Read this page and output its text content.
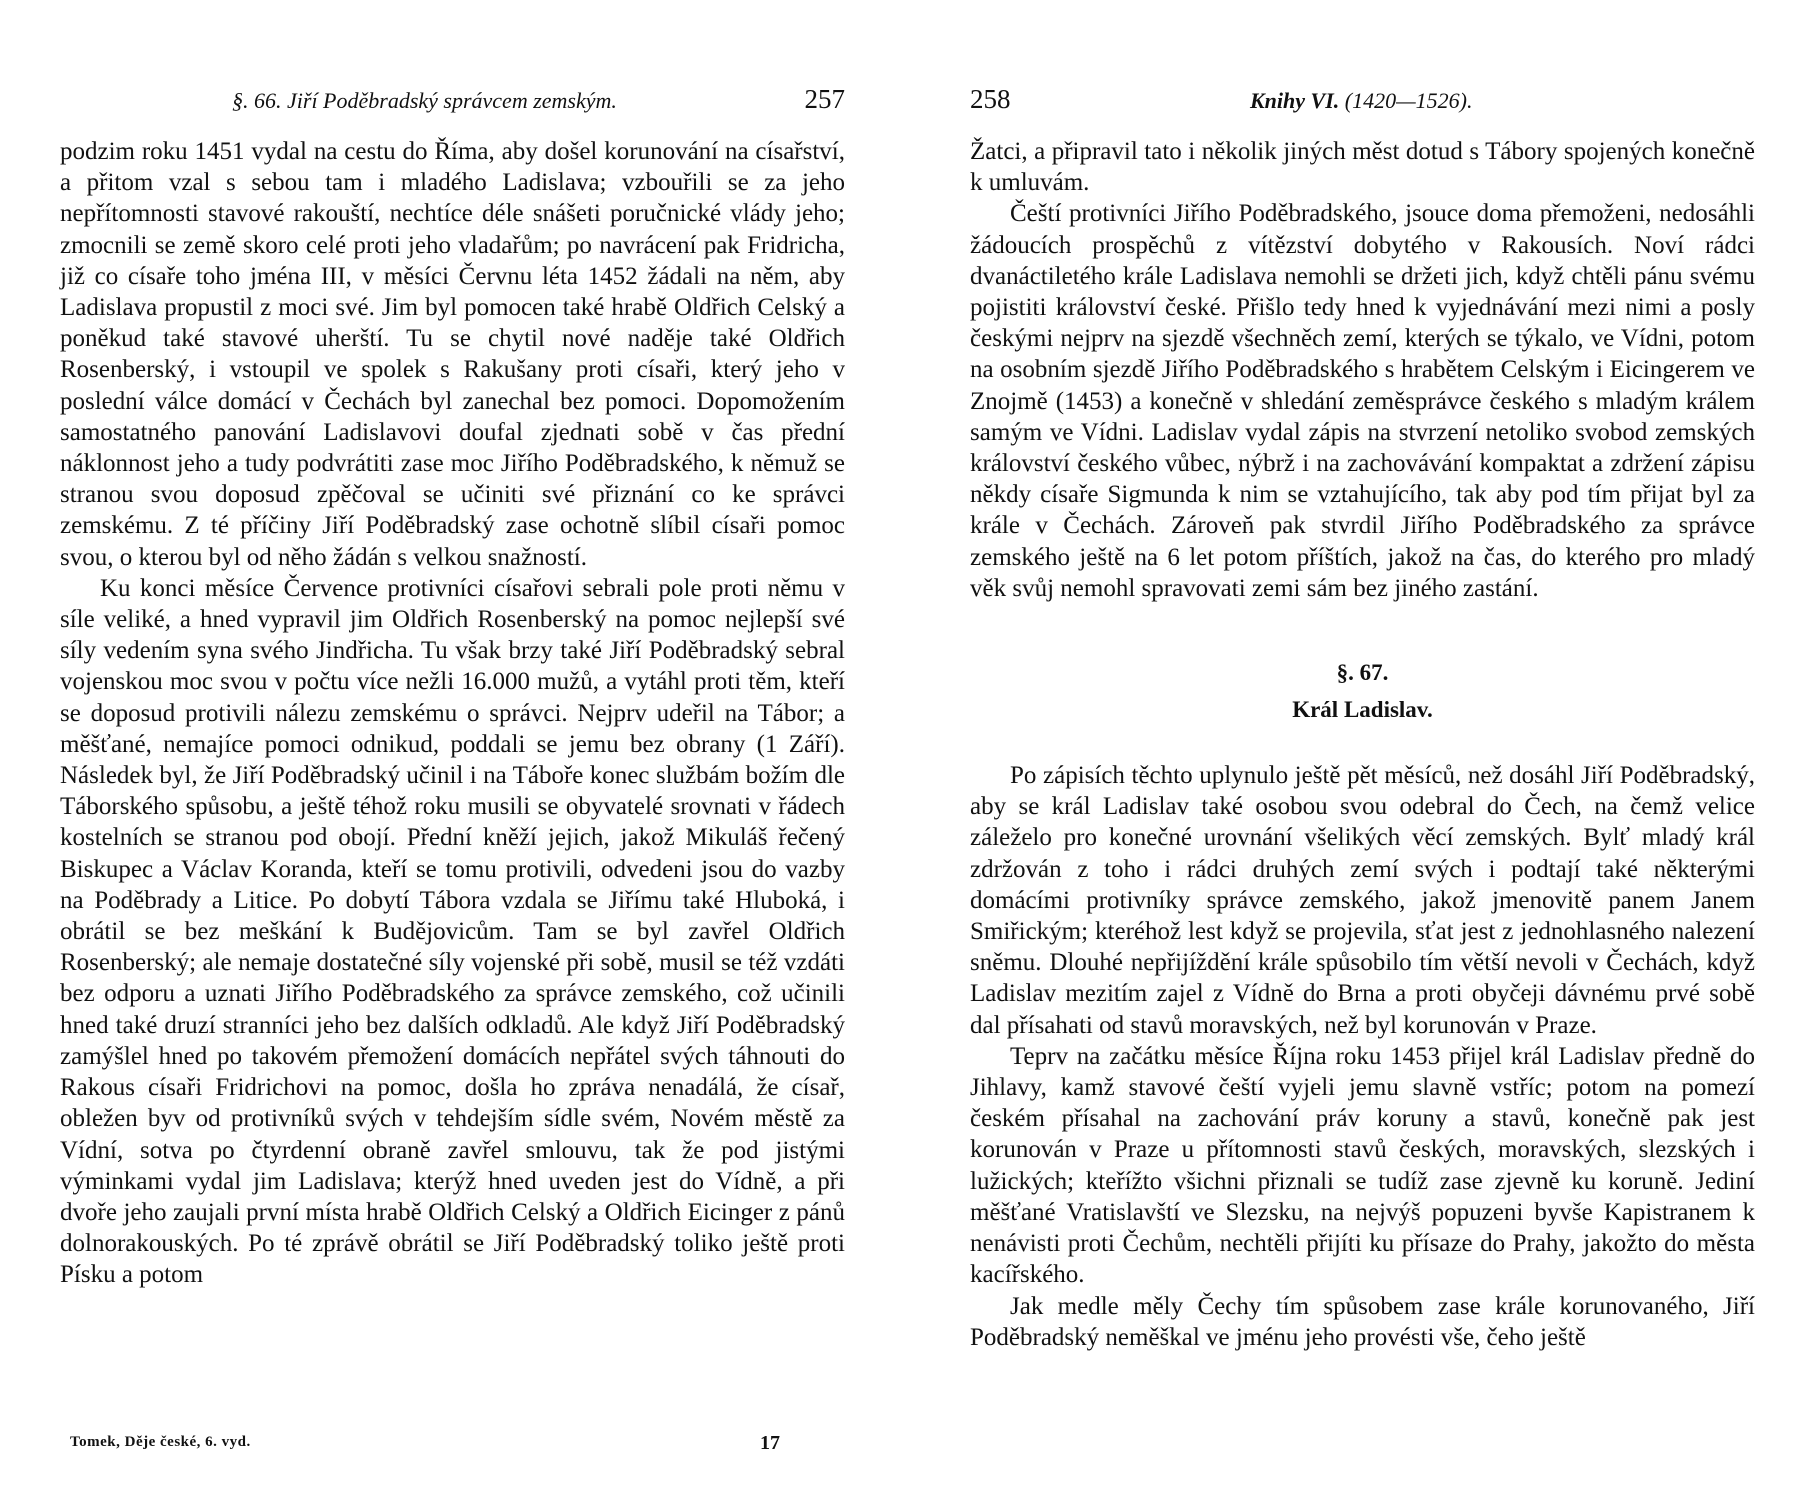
§. 66. Jiří Poděbradský správcem zemským.	257

podzim roku 1451 vydal na cestu do Říma, aby došel korunování na císařství, a přitom vzal s sebou tam i mladého Ladislava; vzbouřili se za jeho nepřítomnosti stavové rakouští, nechtíce déle snášeti poručnické vlády jeho; zmocnili se země skoro celé proti jeho vladařům; po navrácení pak Fridricha, již co císaře toho jména III, v měsíci Červnu léta 1452 žádali na něm, aby Ladislava propustil z moci své. Jim byl pomocen také hrabě Oldřich Celský a poněkud také stavové uherští. Tu se chytil nové naděje také Oldřich Rosenberský, i vstoupil ve spolek s Rakušany proti císaři, který jeho v poslední válce domácí v Čechách byl zanechal bez pomoci. Dopomožením samostatného panování Ladislavovi doufal zjednati sobě v čas přední náklonnost jeho a tudy podvrátiti zase moc Jiřího Poděbradského, k němuž se stranou svou doposud zpěčoval se učiniti své přiznání co ke správci zemskému. Z té příčiny Jiří Poděbradský zase ochotně slíbil císaři pomoc svou, o kterou byl od něho žádán s velkou snažností.

Ku konci měsíce Července protivníci císařovi sebrali pole proti němu v síle veliké, a hned vypravil jim Oldřich Rosenberský na pomoc nejlepší své síly vedením syna svého Jindřicha. Tu však brzy také Jiří Poděbradský sebral vojenskou moc svou v počtu více nežli 16.000 mužů, a vytáhl proti těm, kteří se doposud protivili nálezu zemskému o správci. Nejprv udeřil na Tábor; a měšťané, nemajíce pomoci odnikud, poddali se jemu bez obrany (1 Září). Následek byl, že Jiří Poděbradský učinil i na Táboře konec službám božím dle Táborského spůsobu, a ještě téhož roku musili se obyvatelé srovnati v řádech kostelních se stranou pod obojí. Přední kněží jejich, jakož Mikuláš řečený Biskupec a Václav Koranda, kteří se tomu protivili, odvedeni jsou do vazby na Poděbrady a Litice. Po dobytí Tábora vzdala se Jiřímu také Hluboká, i obrátil se bez meškání k Budějovicům. Tam se byl zavřel Oldřich Rosenberský; ale nemaje dostatečné síly vojenské při sobě, musil se též vzdáti bez odporu a uznati Jiřího Poděbradského za správce zemského, což učinili hned také druzí stranníci jeho bez dalších odkladů. Ale když Jiří Poděbradský zamýšlel hned po takovém přemožení domácích nepřátel svých táhnouti do Rakous císaři Fridrichovi na pomoc, došla ho zpráva nenadálá, že císař, obležen byv od protivníků svých v tehdejším sídle svém, Novém městě za Vídní, sotva po čtyrdenní obraně zavřel smlouvu, tak že pod jistými výminkami vydal jim Ladislava; kterýž hned uveden jest do Vídně, a při dvoře jeho zaujali první místa hrabě Oldřich Celský a Oldřich Eicinger z pánů dolnorakouských. Po té zprávě obrátil se Jiří Poděbradský toliko ještě proti Písku a potom

Tomek, Děje české, 6. vyd.	17
258	Knihy VI. (1420—1526).

Žatci, a připravil tato i několik jiných měst dotud s Tábory spojených konečně k umluvám.

Čeští protivníci Jiřího Poděbradského, jsouce doma přemoženi, nedosáhli žádoucích prospěchů z vítězství dobytého v Rakousích. Noví rádci dvanáctiletého krále Ladislava nemohli se držeti jich, když chtěli pánu svému pojistiti království české. Přišlo tedy hned k vyjednávání mezi nimi a posly českými nejprv na sjezdě všechněch zemí, kterých se týkalo, ve Vídni, potom na osobním sjezdě Jiřího Poděbradského s hrabětem Celským i Eicingerem ve Znojmě (1453) a konečně v shledání zeměsprávce českého s mladým králem samým ve Vídni. Ladislav vydal zápis na stvrzení netoliko svobod zemských království českého vůbec, nýbrž i na zachovávání kompaktat a zdržení zápisu někdy císaře Sigmunda k nim se vztahujícího, tak aby pod tím přijat byl za krále v Čechách. Zároveň pak stvrdil Jiřího Poděbradského za správce zemského ještě na 6 let potom příštích, jakož na čas, do kterého pro mladý věk svůj nemohl spravovati zemi sám bez jiného zastání.

§. 67.

Král Ladislav.

Po zápisích těchto uplynulo ještě pět měsíců, než dosáhl Jiří Poděbradský, aby se král Ladislav také osobou svou odebral do Čech, na čemž velice záleželo pro konečné urovnání všelikých věcí zemských. Bylť mladý král zdržován z toho i rádci druhých zemí svých i podtají také některými domácími protivníky správce zemského, jakož jmenovitě panem Janem Smiřickým; kteréhož lest když se projevila, sťat jest z jednohlasného nalezení sněmu. Dlouhé nepřijíždění krále spůsobilo tím větší nevoli v Čechách, když Ladislav mezitím zajel z Vídně do Brna a proti obyčeji dávnému prvé sobě dal přísahati od stavů moravských, než byl korunován v Praze.

Teprv na začátku měsíce Října roku 1453 přijel král Ladislav předně do Jihlavy, kamž stavové čeští vyjeli jemu slavně vstříc; potom na pomezí českém přísahal na zachování práv koruny a stavů, konečně pak jest korunován v Praze u přítomnosti stavů českých, moravských, slezských i lužických; kteřížto všichni přiznali se tudíž zase zjevně ku koruně. Jediní měšťané Vratislavští ve Slezsku, na nejvýš popuzeni byvše Kapistranem k nenávisti proti Čechům, nechtěli přijíti ku přísaze do Prahy, jakožto do města kacířského.

Jak medle měly Čechy tím spůsobem zase krále korunovaného, Jiří Poděbradský neměškal ve jménu jeho provésti vše, čeho ještě
